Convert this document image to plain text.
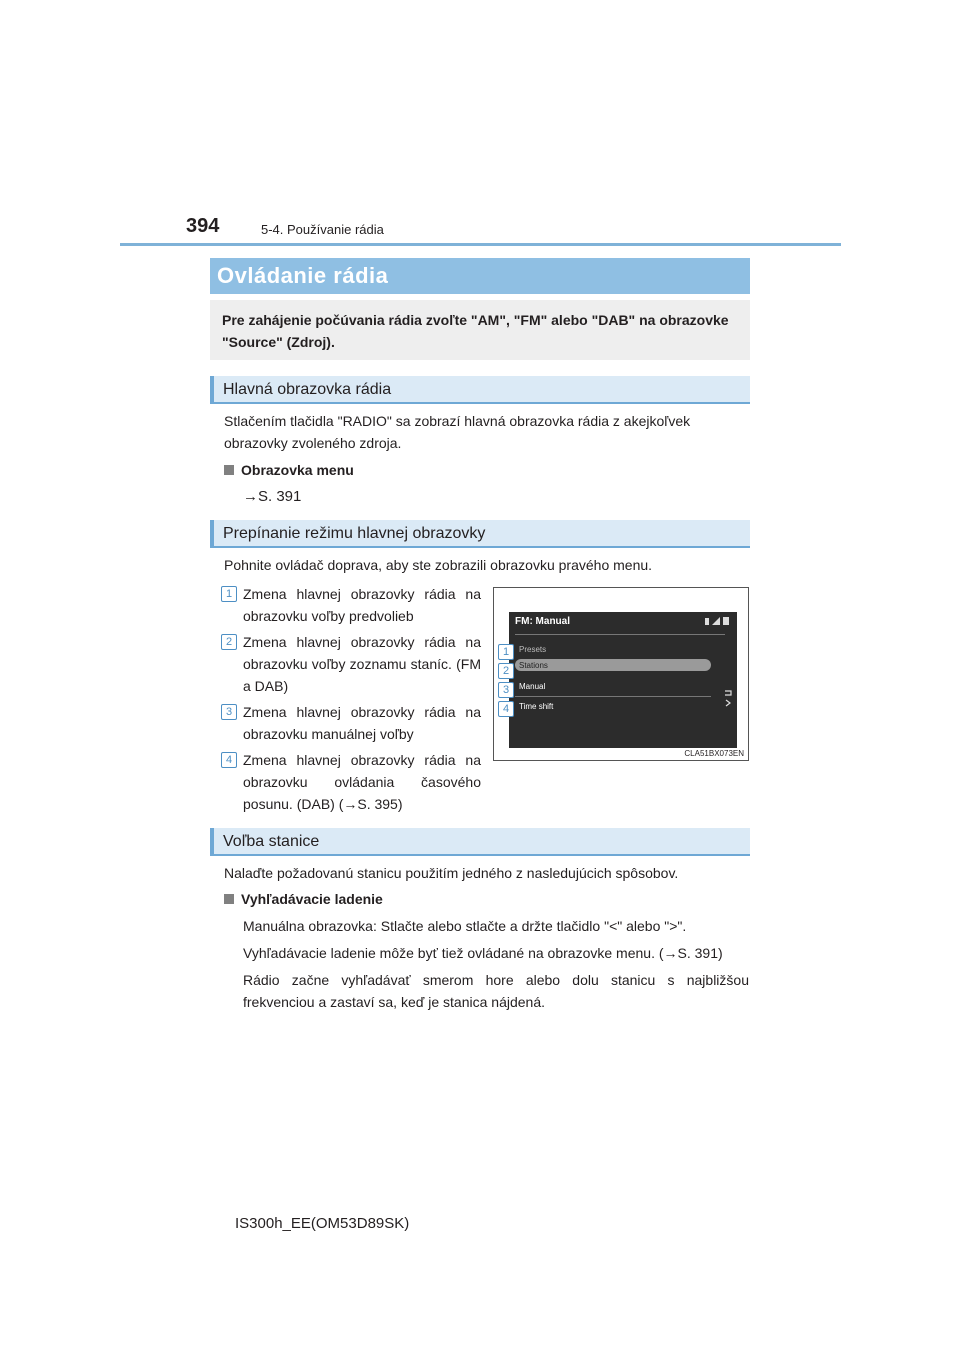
394	5-4. Používanie rádia
Ovládanie rádia
Pre zahájenie počúvania rádia zvoľte "AM", "FM" alebo "DAB" na obrazovke "Source" (Zdroj).
Hlavná obrazovka rádia
Stlačením tlačidla "RADIO" sa zobrazí hlavná obrazovka rádia z akejkoľvek obrazovky zvoleného zdroja.
Obrazovka menu
→S. 391
Prepínanie režimu hlavnej obrazovky
Pohnite ovládač doprava, aby ste zobrazili obrazovku pravého menu.
1 Zmena hlavnej obrazovky rádia na obrazovku voľby predvolieb
2 Zmena hlavnej obrazovky rádia na obrazovku voľby zoznamu staníc. (FM a DAB)
3 Zmena hlavnej obrazovky rádia na obrazovku manuálnej voľby
4 Zmena hlavnej obrazovky rádia na obrazovku ovládania časového posunu. (DAB) (→S. 395)
FM: Manual
Presets
Stations
Manual
Time shift
1
2
3
4
CLA51BX073EN
Voľba stanice
Nalaďte požadovanú stanicu použitím jedného z nasledujúcich spôsobov.
Vyhľadávacie ladenie
Manuálna obrazovka: Stlačte alebo stlačte a držte tlačidlo "<" alebo ">".
Vyhľadávacie ladenie môže byť tiež ovládané na obrazovke menu. (→S. 391)
Rádio začne vyhľadávať smerom hore alebo dolu stanicu s najbližšou frekvenciou a zastaví sa, keď je stanica nájdená.
IS300h_EE(OM53D89SK)
